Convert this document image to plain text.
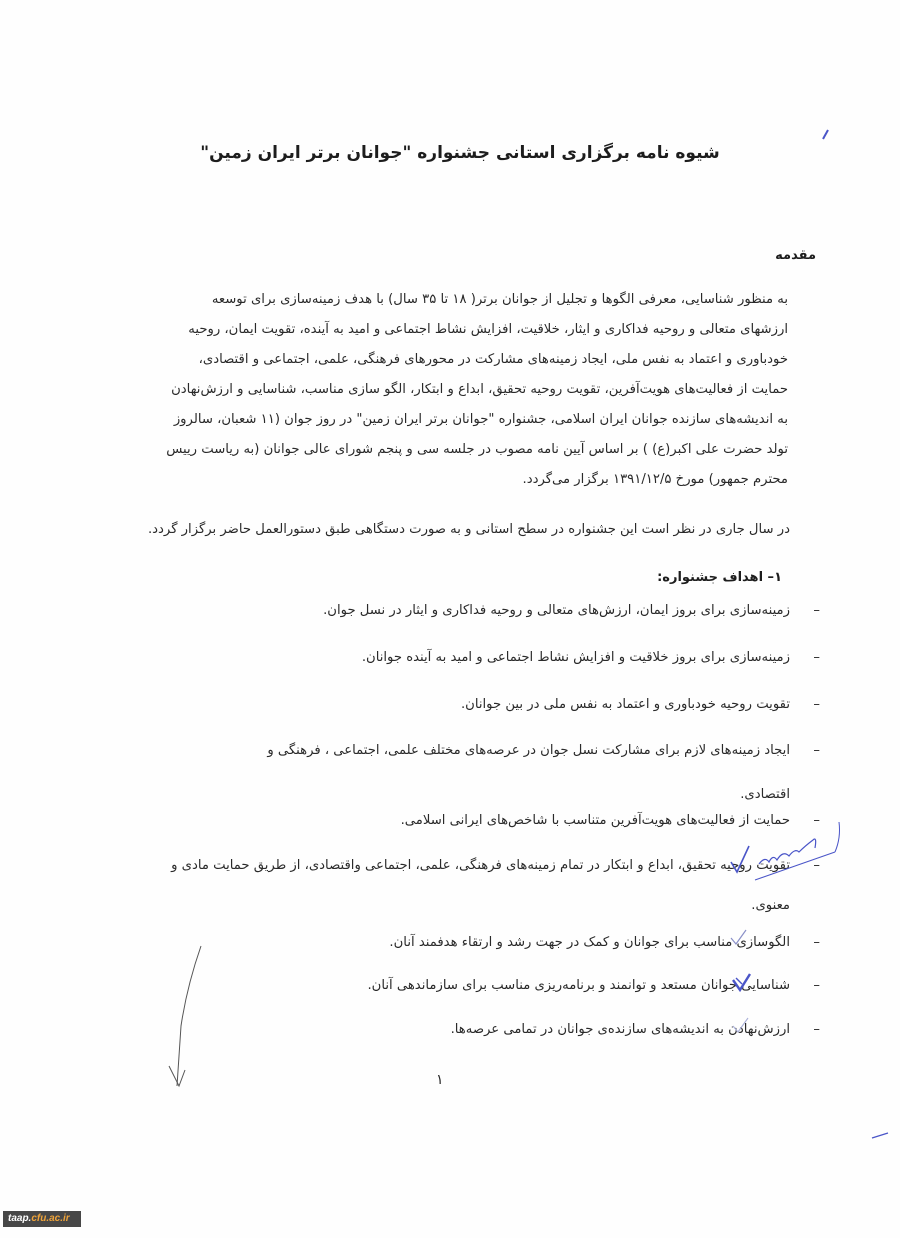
شیوه نامه برگزاری استانی جشنواره "جوانان برتر ایران زمین"
مقدمه
به منظور شناسایی، معرفی الگوها و تجلیل از جوانان برتر( ۱۸ تا ۳۵ سال) با هدف زمینه‌سازی برای توسعه
ارزشهای متعالی و روحیه فداکاری و ایثار، خلاقیت، افزایش نشاط اجتماعی و امید به آینده، تقویت ایمان، روحیه
خودباوری و اعتماد به نفس ملی، ایجاد زمینه‌های مشارکت در محورهای فرهنگی، علمی، اجتماعی و اقتصادی،
حمایت از فعالیت‌های هویت‌آفرین، تقویت روحیه تحقیق، ابداع و ابتکار، الگو سازی مناسب، شناسایی و ارزش‌نهادن
به اندیشه‌های سازنده جوانان ایران اسلامی، جشنواره "جوانان برتر ایران زمین" در روز جوان (۱۱ شعبان، سالروز
تولد حضرت علی اکبر(ع) ) بر اساس آیین نامه مصوب در جلسه سی و پنجم شورای عالی جوانان (به ریاست رییس
محترم جمهور) مورخ ۱۳۹۱/۱۲/۵ برگزار می‌گردد.
در سال جاری در نظر است این جشنواره در سطح استانی و به صورت دستگاهی طبق دستورالعمل حاضر برگزار گردد.
۱– اهداف جشنواره:
–
زمینه‌سازی برای بروز ایمان، ارزش‌های متعالی و روحیه فداکاری و ایثار در نسل جوان.
–
زمینه‌سازی برای بروز خلاقیت و افزایش نشاط اجتماعی و امید به آینده جوانان.
–
تقویت روحیه خودباوری و اعتماد به نفس ملی در بین جوانان.
–
ایجاد زمینه‌های لازم برای مشارکت نسل جوان در عرصه‌های مختلف علمی، اجتماعی ، فرهنگی و اقتصادی.
–
حمایت از فعالیت‌های هویت‌آفرین متناسب با شاخص‌های ایرانی اسلامی.
–
تقویت روحیه تحقیق، ابداع و ابتکار در تمام زمینه‌های فرهنگی، علمی، اجتماعی واقتصادی، از طریق حمایت مادی و معنوی.
–
الگوسازی مناسب برای جوانان و کمک در جهت رشد و ارتقاء هدفمند آنان.
–
شناسایی جوانان مستعد و توانمند و برنامه‌ریزی مناسب برای سازماندهی آنان.
–
ارزش‌نهادن به اندیشه‌های سازنده‌ی جوانان در تمامی عرصه‌ها.
۱
taap.cfu.ac.ir
